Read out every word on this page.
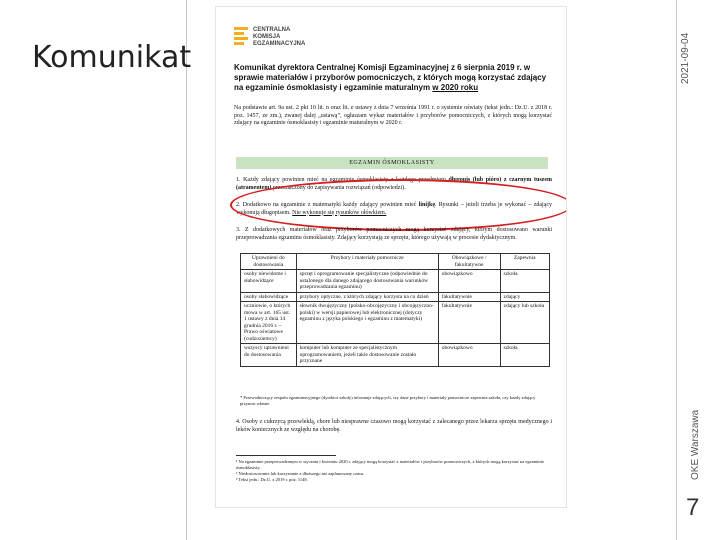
Komunikat	2021-09-04
OKE Warszawa
7
CENTRALNA
KOMISJA
EGZAMINACYJNA
Komunikat dyrektora Centralnej Komisji Egzaminacyjnej z 6 sierpnia 2019 r. w sprawie materiałów i przyborów pomocniczych, z których mogą korzystać zdający na egzaminie ósmoklasisty i egzaminie maturalnym w 2020 roku
Na podstawie art. 9a ust. 2 pkt 10 lit. n oraz lit. e ustawy z dnia 7 września 1991 r. o systemie oświaty (tekst jedn.: Dz.U. z 2018 r. poz. 1457, ze zm.), zwanej dalej „ustawą”, ogłaszam wykaz materiałów i przyborów pomocniczych, z których mogą korzystać zdający na egzaminie ósmoklasisty i egzaminie maturalnym w 2020 r.
EGZAMIN ÓSMOKLASISTY
1. Każdy zdający powinien mieć na egzaminie ósmoklasisty z każdego przedmiotu długopis (lub pióro) z czarnym tuszem (atramentem) przeznaczony do zapisywania rozwiązań (odpowiedzi).
2. Dodatkowo na egzaminie z matematyki każdy zdający powinien mieć linijkę. Rysunki – jeżeli trzeba je wykonać – zdający wykonują długopisem. Nie wykonuje się rysunków ołówkiem.
3. Z dodatkowych materiałów oraz przyborów pomocniczych mogą korzystać zdający, którym dostosowano warunki przeprowadzania egzaminu ósmoklasisty. Zdający korzystają ze sprzętu, którego używają w procesie dydaktycznym.
Uprawnieni do dostosowania	Przybory i materiały pomocnicze	Obowiązkowe / fakultatywne	Zapewnia
osoby niewidome i słabowidzące	sprzęt i oprogramowanie specjalistyczne (odpowiednie do ustalonego dla danego zdającego dostosowania warunków przeprowadzania egzaminu)	obowiązkowo	szkoła
osoby słabowidzące	przybory optyczne, z których zdający korzysta na co dzień	fakultatywnie	zdający
uczniowie, o których mowa w art. 165 ust. 1 ustawy z dnia 14 grudnia 2016 r. – Prawo oświatowe (cudzoziemcy)	słownik dwujęzyczny (polsko-obcojęzyczny i obcojęzyczno-polski) w wersji papierowej lub elektronicznej (dotyczy egzaminu z języka polskiego i egzaminu z matematyki)	fakultatywnie	zdający lub szkoła
wszyscy uprawnieni do dostosowania	komputer lub komputer ze specjalistycznym oprogramowaniem, jeżeli takie dostosowanie zostało przyznane	obowiązkowo	szkoła
* Przewodniczący zespołu egzaminacyjnego (dyrektor szkoły) informuje zdających, czy dane przybory i materiały pomocnicze zapewnia szkoła, czy każdy zdający przynosi własne.
4. Osoby z cukrzycą przewlekłą, chore lub niesprawne czasowo mogą korzystać z zalecanego przez lekarza sprzętu medycznego i leków koniecznych ze względu na chorobę.
¹ Na egzaminie przeprowadzanym w styczniu i kwietniu 2020 r. zdający mogą korzystać z materiałów i przyborów pomocniczych, z których mogą korzystać na egzaminie ósmoklasisty.
² Niedostosowanie lub korzystanie z dłuższego niż zaplanowany czasu.
³ Tekst jedn.: Dz.U. z 2019 r. poz. 1148.
